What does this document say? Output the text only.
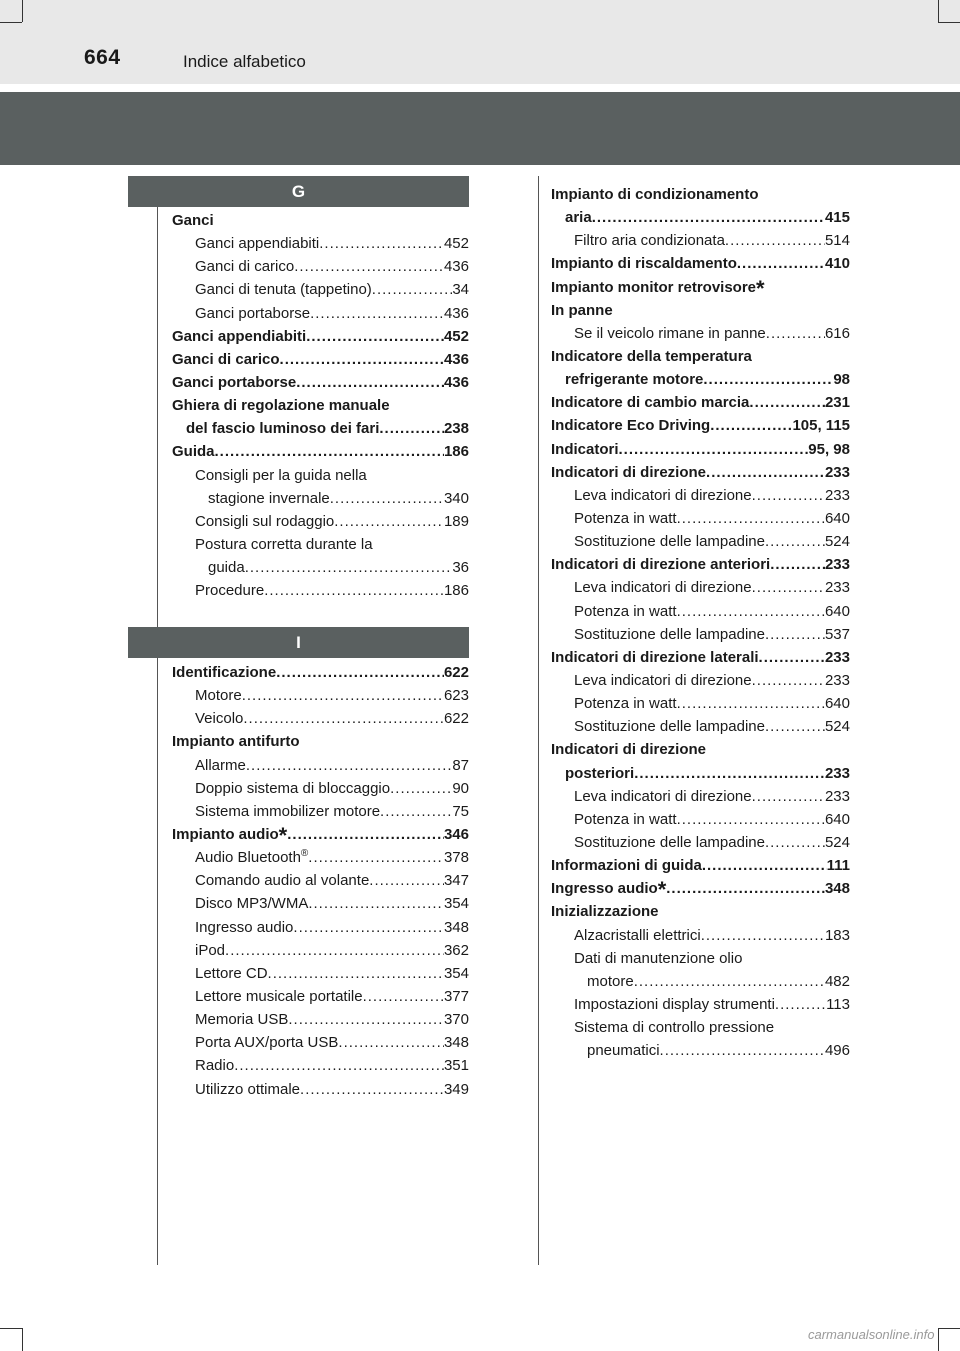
664	Indice alfabetico
G
Ganci
Ganci appendiabiti .....	452
Ganci di carico .....	436
Ganci di tenuta (tappetino) .....	34
Ganci portaborse .....	436
Ganci appendiabiti .....	452
Ganci di carico .....	436
Ganci portaborse .....	436
Ghiera di regolazione manuale
del fascio luminoso dei fari .....	238
Guida .....	186
Consigli per la guida nella
stagione invernale .....	340
Consigli sul rodaggio .....	189
Postura corretta durante la
guida .....	36
Procedure .....	186
I
Identificazione .....	622
Motore .....	623
Veicolo .....	622
Impianto antifurto
Allarme .....	87
Doppio sistema di bloccaggio .....	90
Sistema immobilizer motore .....	75
Impianto audio* .....	346
Audio Bluetooth® .....	378
Comando audio al volante .....	347
Disco MP3/WMA .....	354
Ingresso audio .....	348
iPod .....	362
Lettore CD .....	354
Lettore musicale portatile .....	377
Memoria USB .....	370
Porta AUX/porta USB .....	348
Radio .....	351
Utilizzo ottimale .....	349
Impianto di condizionamento
aria .....	415
Filtro aria condizionata .....	514
Impianto di riscaldamento .....	410
Impianto monitor retrovisore*
In panne
Se il veicolo rimane in panne .....	616
Indicatore della temperatura
refrigerante motore .....	98
Indicatore di cambio marcia .....	231
Indicatore Eco Driving .....	105, 115
Indicatori .....	95, 98
Indicatori di direzione .....	233
Leva indicatori di direzione .....	233
Potenza in watt .....	640
Sostituzione delle lampadine .....	524
Indicatori di direzione anteriori .....	233
Leva indicatori di direzione .....	233
Potenza in watt .....	640
Sostituzione delle lampadine .....	537
Indicatori di direzione laterali .....	233
Leva indicatori di direzione .....	233
Potenza in watt .....	640
Sostituzione delle lampadine .....	524
Indicatori di direzione
posteriori .....	233
Leva indicatori di direzione .....	233
Potenza in watt .....	640
Sostituzione delle lampadine .....	524
Informazioni di guida .....	111
Ingresso audio* .....	348
Inizializzazione
Alzacristalli elettrici .....	183
Dati di manutenzione olio
motore .....	482
Impostazioni display strumenti .....	113
Sistema di controllo pressione
pneumatici .....	496
carmanualsonline.info
